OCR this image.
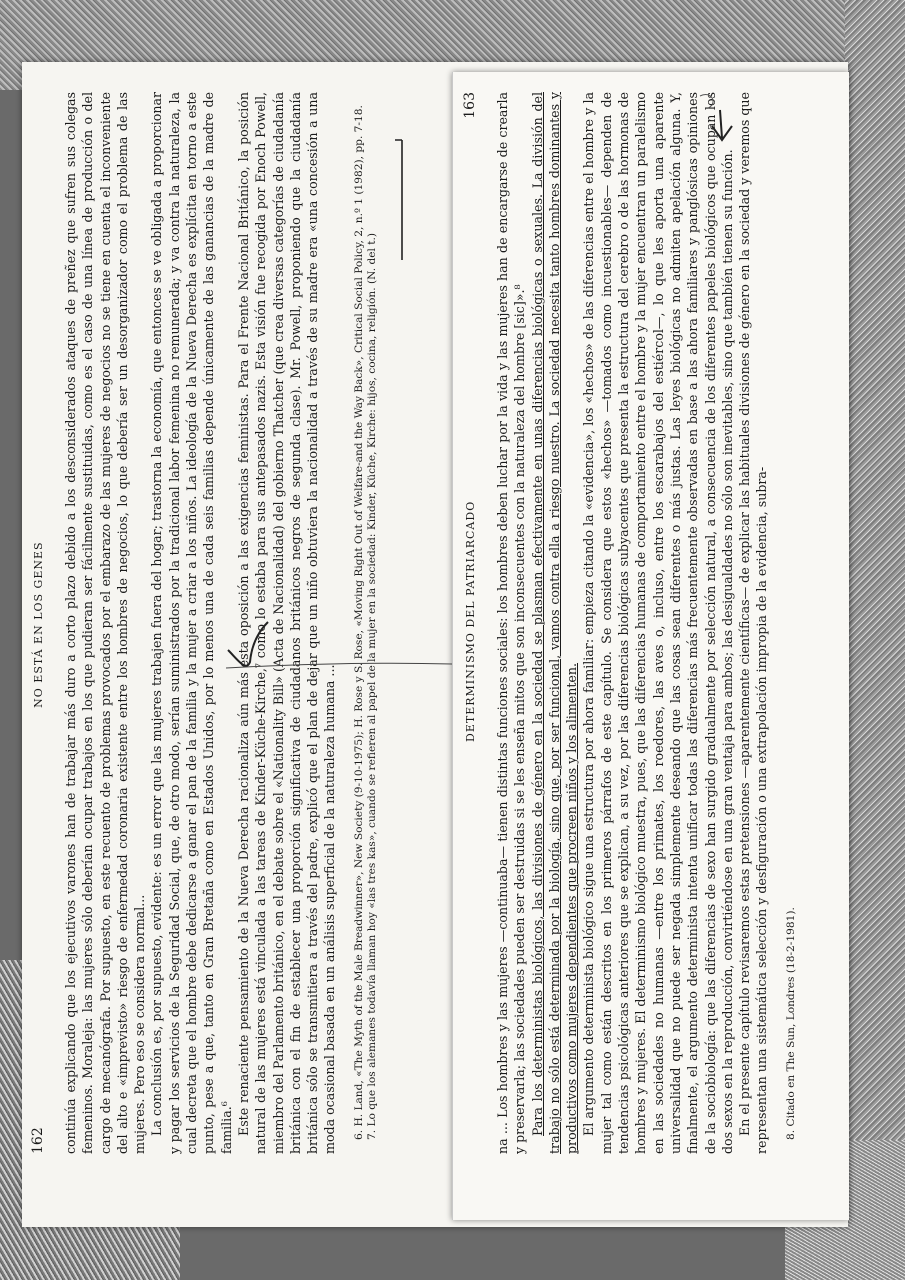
162
NO ESTÁ EN LOS GENES continúa explicando que los ejecutivos varones han de trabajar más duro a corto plazo debido a los desconsiderados ataques de preñez que sufren sus colegas femeninos. Moraleja: las mujeres sólo deberían ocupar trabajos en los que pudieran ser fácilmente sustituidas, como es el caso de una línea de producción o del cargo de mecanógrafa. Por supuesto, en este recuento de problemas provocados por el embarazo de las mujeres de negocios no se tiene en cuenta el inconveniente del alto e «imprevisto» riesgo de enfermedad coronaria existente entre los hombres de negocios, lo que debería ser un desorganizador como el problema de las mujeres. Pero eso se considera normal... La conclusión es, por supuesto, evidente: es un error que las mujeres trabajen fuera del hogar; trastorna la economía, que entonces se ve obligada a proporcionar y pagar los servicios de la Seguridad Social, que, de otro modo, serían suministrados por la tradicional labor femenina no remunerada; y va contra la naturaleza, la cual decreta que el hombre debe dedicarse a ganar el pan de la familia y la mujer a criar a los niños. La ideología de la Nueva Derecha es explícita en torno a este punto, pese a que, tanto en Gran Bretaña como en Estados Unidos, por lo menos una de cada seis familias depende únicamente de las ganancias de la madre de familia.⁶ Este renaciente pensamiento de la Nueva Derecha racionaliza aún más esta oposición a las exigencias feministas. Para el Frente Nacional Británico, la posición natural de las mujeres está vinculada a las tareas de Kinder-Küche-Kirche,⁷ como lo estaba para sus antepasados nazis. Esta visión fue recogida por Enoch Powell, miembro del Parlamento británico, en el debate sobre el «Nationality Bill» (Acta de Nacionalidad) del gobierno Thatcher (que crea diversas categorías de ciudadanía británica con el fin de establecer una proporción significativa de ciudadanos británicos negros de segunda clase). Mr. Powell, proponiendo que la ciudadanía británica sólo se transmitiera a través del padre, explicó que el plan de dejar que un niño obtuviera la nacionalidad a través de su madre era «una concesión a una moda ocasional basada en un análisis superficial de la naturaleza humana ... 6. H. Land, «The Myth of the Male Breadwinner», New Society (9-10-1975); H. Rose y S. Rose, «Moving Right Out of Welfare-and the Way Back», Critical Social Policy, 2, n.º 1 (1982), pp. 7-18. 7. Lo que los alemanes todavía llaman hoy «las tres kas», cuando se refieren al papel de la mujer en la sociedad: Kinder, Küche, Kirche: hijos, cocina, religión. (N. del t.)	DETERMINISMO DEL PATRIARCADO
163 na ... Los hombres y las mujeres —continuaba— tienen distintas funciones sociales: los hombres deben luchar por la vida y las mujeres han de encargarse de crearla y preservarla; las sociedades pueden ser destruidas si se les enseña mitos que son inconsecuentes con la naturaleza del hombre [sic]».⁸ Para los deterministas biológicos, las divisiones de género en la sociedad se plasman efectivamente en unas diferencias biológicas o sexuales. La división del trabajo no sólo está determinada por la biología, sino que, por ser funcional, vamos contra ella a riesgo nuestro. La sociedad necesita tanto hombres dominantes y productivos como mujeres dependientes que procreen niños y los alimenten. El argumento determinista biológico sigue una estructura por ahora familiar: empieza citando la «evidencia», los «hechos» de las diferencias entre el hombre y la mujer tal como están descritos en los primeros párrafos de este capítulo. Se considera que estos «hechos» —tomados como incuestionables— dependen de tendencias psicológicas anteriores que se explican, a su vez, por las diferencias biológicas subyacentes que presenta la estructura del cerebro o de las hormonas de hombres y mujeres. El determinismo biológico muestra, pues, que las diferencias humanas de comportamiento entre el hombre y la mujer encuentran un paralelismo en las sociedades no humanas —entre los primates, los roedores, las aves o, incluso, entre los escarabajos del estiércol—, lo que les aporta una aparente universalidad que no puede ser negada simplemente deseando que las cosas sean diferentes o más justas. Las leyes biológicas no admiten apelación alguna. Y, finalmente, el argumento determinista intenta unificar todas las diferencias más frecuentemente observadas en base a las ahora familiares y panglósicas opiniones de la sociobiología: que las diferencias de sexo han surgido gradualmente por selección natural, a consecuencia de los diferentes papeles biológicos que ocupan los dos sexos en la reproducción, convirtiéndose en una gran ventaja para ambos; las desigualdades no sólo son inevitables, sino que también tienen su función. En el presente capítulo revisaremos estas pretensiones —aparentemente científicas— de explicar las habituales divisiones de género en la sociedad y veremos que representan una sistemática selección y desfiguración o una extrapolación impropia de la evidencia, subra- 8. Citado en The Sun, Londres (18-2-1981).
